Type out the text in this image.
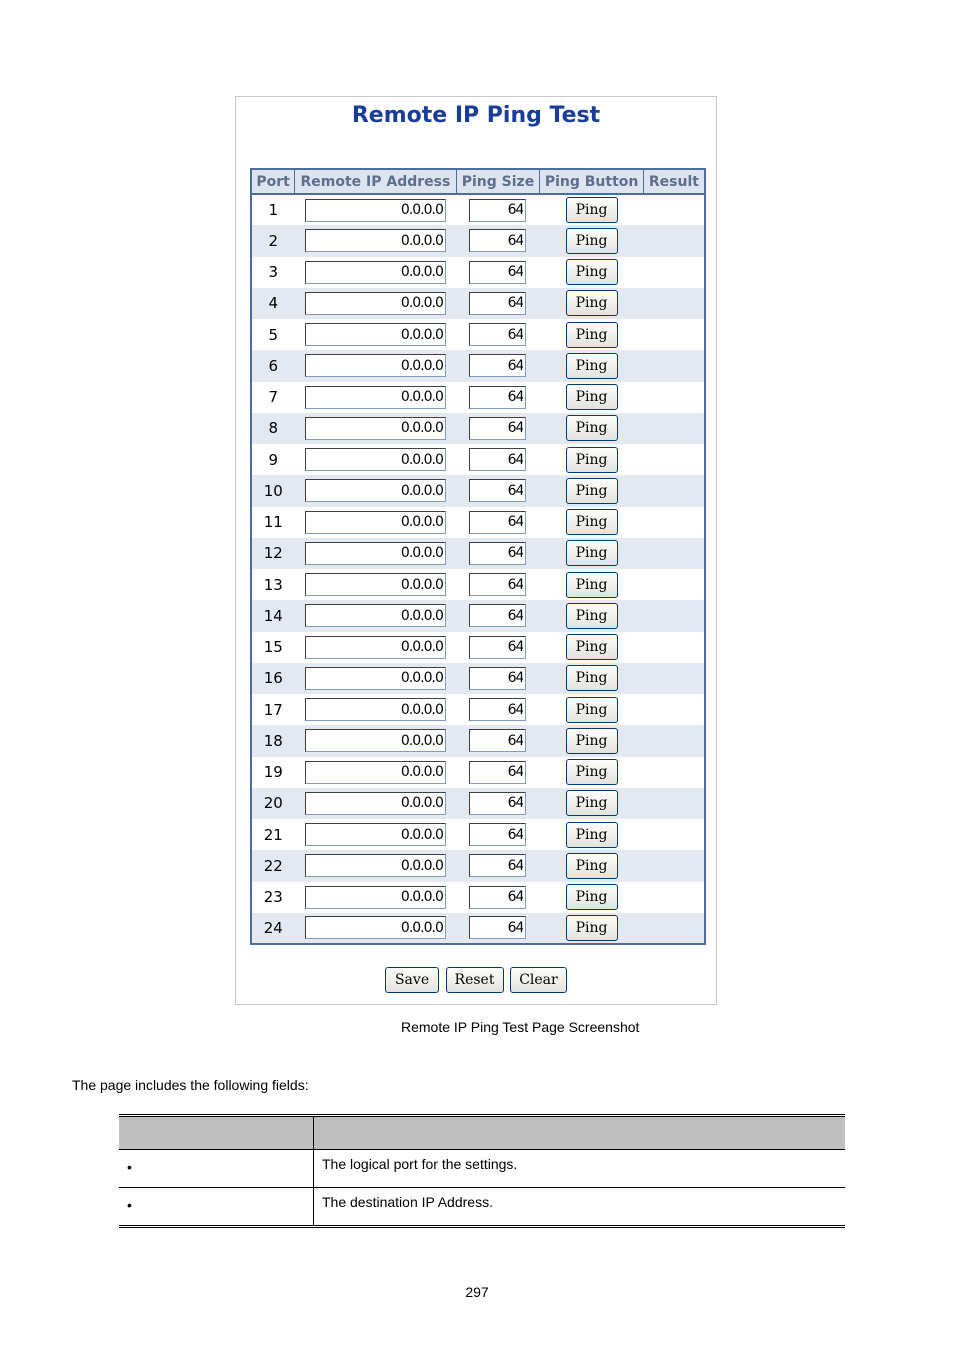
Remote IP Ping Test
Port	Remote IP Address	Ping Size	Ping Button	Result
1	0.0.0.0	64	Ping	
2	0.0.0.0	64	Ping	
3	0.0.0.0	64	Ping	
4	0.0.0.0	64	Ping	
5	0.0.0.0	64	Ping	
6	0.0.0.0	64	Ping	
7	0.0.0.0	64	Ping	
8	0.0.0.0	64	Ping	
9	0.0.0.0	64	Ping	
10	0.0.0.0	64	Ping	
11	0.0.0.0	64	Ping	
12	0.0.0.0	64	Ping	
13	0.0.0.0	64	Ping	
14	0.0.0.0	64	Ping	
15	0.0.0.0	64	Ping	
16	0.0.0.0	64	Ping	
17	0.0.0.0	64	Ping	
18	0.0.0.0	64	Ping	
19	0.0.0.0	64	Ping	
20	0.0.0.0	64	Ping	
21	0.0.0.0	64	Ping	
22	0.0.0.0	64	Ping	
23	0.0.0.0	64	Ping	
24	0.0.0.0	64	Ping	
Save Reset Clear
Remote IP Ping Test Page Screenshot
The page includes the following fields:

•	The logical port for the settings.
•	The destination IP Address.
297
